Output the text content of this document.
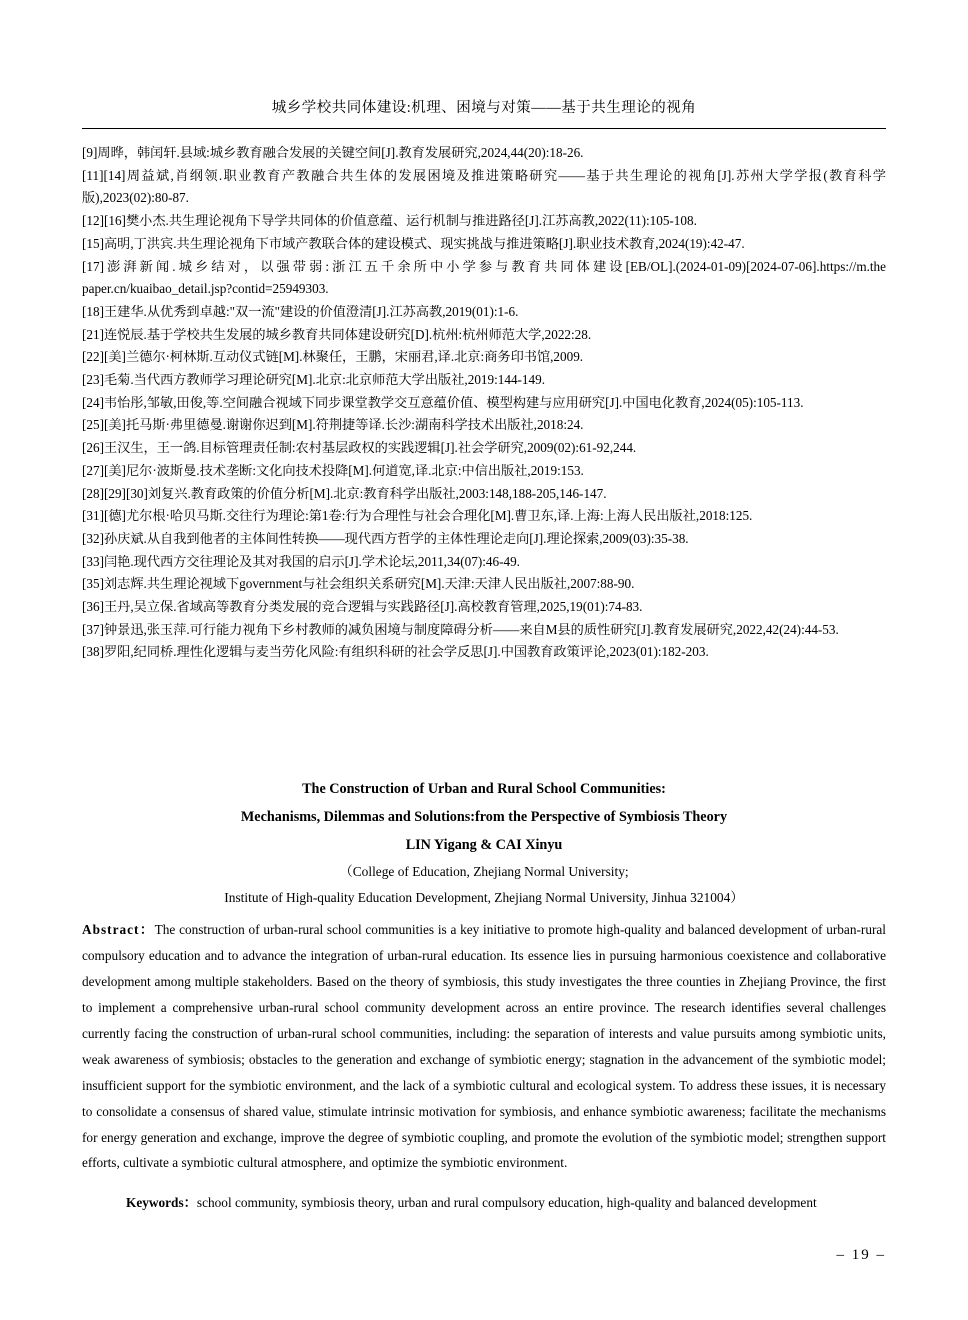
城乡学校共同体建设:机理、困境与对策——基于共生理论的视角
[9]周晔，韩闰轩.县域:城乡教育融合发展的关键空间[J].教育发展研究,2024,44(20):18-26.
[11][14]周益斌,肖纲领.职业教育产教融合共生体的发展困境及推进策略研究——基于共生理论的视角[J].苏州大学学报(教育科学版),2023(02):80-87.
[12][16]樊小杰.共生理论视角下导学共同体的价值意蕴、运行机制与推进路径[J].江苏高教,2022(11):105-108.
[15]高明,丁洪宾.共生理论视角下市域产教联合体的建设模式、现实挑战与推进策略[J].职业技术教育,2024(19):42-47.
[17]澎湃新闻.城乡结对，以强带弱:浙江五千余所中小学参与教育共同体建设[EB/OL].(2024-01-09)[2024-07-06].https://m.the paper.cn/kuaibao_detail.jsp?contid=25949303.
[18]王建华.从优秀到卓越:"双一流"建设的价值澄清[J].江苏高教,2019(01):1-6.
[21]连悦辰.基于学校共生发展的城乡教育共同体建设研究[D].杭州:杭州师范大学,2022:28.
[22][美]兰德尔·柯林斯.互动仪式链[M].林聚任，王鹏，宋丽君,译.北京:商务印书馆,2009.
[23]毛菊.当代西方教师学习理论研究[M].北京:北京师范大学出版社,2019:144-149.
[24]韦怡彤,邹敏,田俊,等.空间融合视域下同步课堂教学交互意蕴价值、模型构建与应用研究[J].中国电化教育,2024(05):105-113.
[25][美]托马斯·弗里德曼.谢谢你迟到[M].符荆捷等译.长沙:湖南科学技术出版社,2018:24.
[26]王汉生，王一鸽.目标管理责任制:农村基层政权的实践逻辑[J].社会学研究,2009(02):61-92,244.
[27][美]尼尔·波斯曼.技术垄断:文化向技术投降[M].何道宽,译.北京:中信出版社,2019:153.
[28][29][30]刘复兴.教育政策的价值分析[M].北京:教育科学出版社,2003:148,188-205,146-147.
[31][德]尤尔根·哈贝马斯.交往行为理论:第1卷:行为合理性与社会合理化[M].曹卫东,译.上海:上海人民出版社,2018:125.
[32]孙庆斌.从自我到他者的主体间性转换——现代西方哲学的主体性理论走向[J].理论探索,2009(03):35-38.
[33]闫艳.现代西方交往理论及其对我国的启示[J].学术论坛,2011,34(07):46-49.
[35]刘志辉.共生理论视域下government与社会组织关系研究[M].天津:天津人民出版社,2007:88-90.
[36]王丹,吴立保.省域高等教育分类发展的竞合逻辑与实践路径[J].高校教育管理,2025,19(01):74-83.
[37]钟景迅,张玉萍.可行能力视角下乡村教师的减负困境与制度障碍分析——来自M县的质性研究[J].教育发展研究,2022,42(24):44-53.
[38]罗阳,纪同桥.理性化逻辑与麦当劳化风险:有组织科研的社会学反思[J].中国教育政策评论,2023(01):182-203.
The Construction of Urban and Rural School Communities:
Mechanisms, Dilemmas and Solutions:from the Perspective of Symbiosis Theory
LIN Yigang & CAI Xinyu
（College of Education, Zhejiang Normal University;
Institute of High-quality Education Development, Zhejiang Normal University, Jinhua 321004）

Abstract：The construction of urban-rural school communities is a key initiative to promote high-quality and balanced development of urban-rural compulsory education and to advance the integration of urban-rural education. Its essence lies in pursuing harmonious coexistence and collaborative development among multiple stakeholders. Based on the theory of symbiosis, this study investigates the three counties in Zhejiang Province, the first to implement a comprehensive urban-rural school community development across an entire province. The research identifies several challenges currently facing the construction of urban-rural school communities, including: the separation of interests and value pursuits among symbiotic units, weak awareness of symbiosis; obstacles to the generation and exchange of symbiotic energy; stagnation in the advancement of the symbiotic model; insufficient support for the symbiotic environment, and the lack of a symbiotic cultural and ecological system. To address these issues, it is necessary to consolidate a consensus of shared value, stimulate intrinsic motivation for symbiosis, and enhance symbiotic awareness; facilitate the mechanisms for energy generation and exchange, improve the degree of symbiotic coupling, and promote the evolution of the symbiotic model; strengthen support efforts, cultivate a symbiotic cultural atmosphere, and optimize the symbiotic environment.

Keywords：school community, symbiosis theory, urban and rural compulsory education, high-quality and balanced development

– 19 –
